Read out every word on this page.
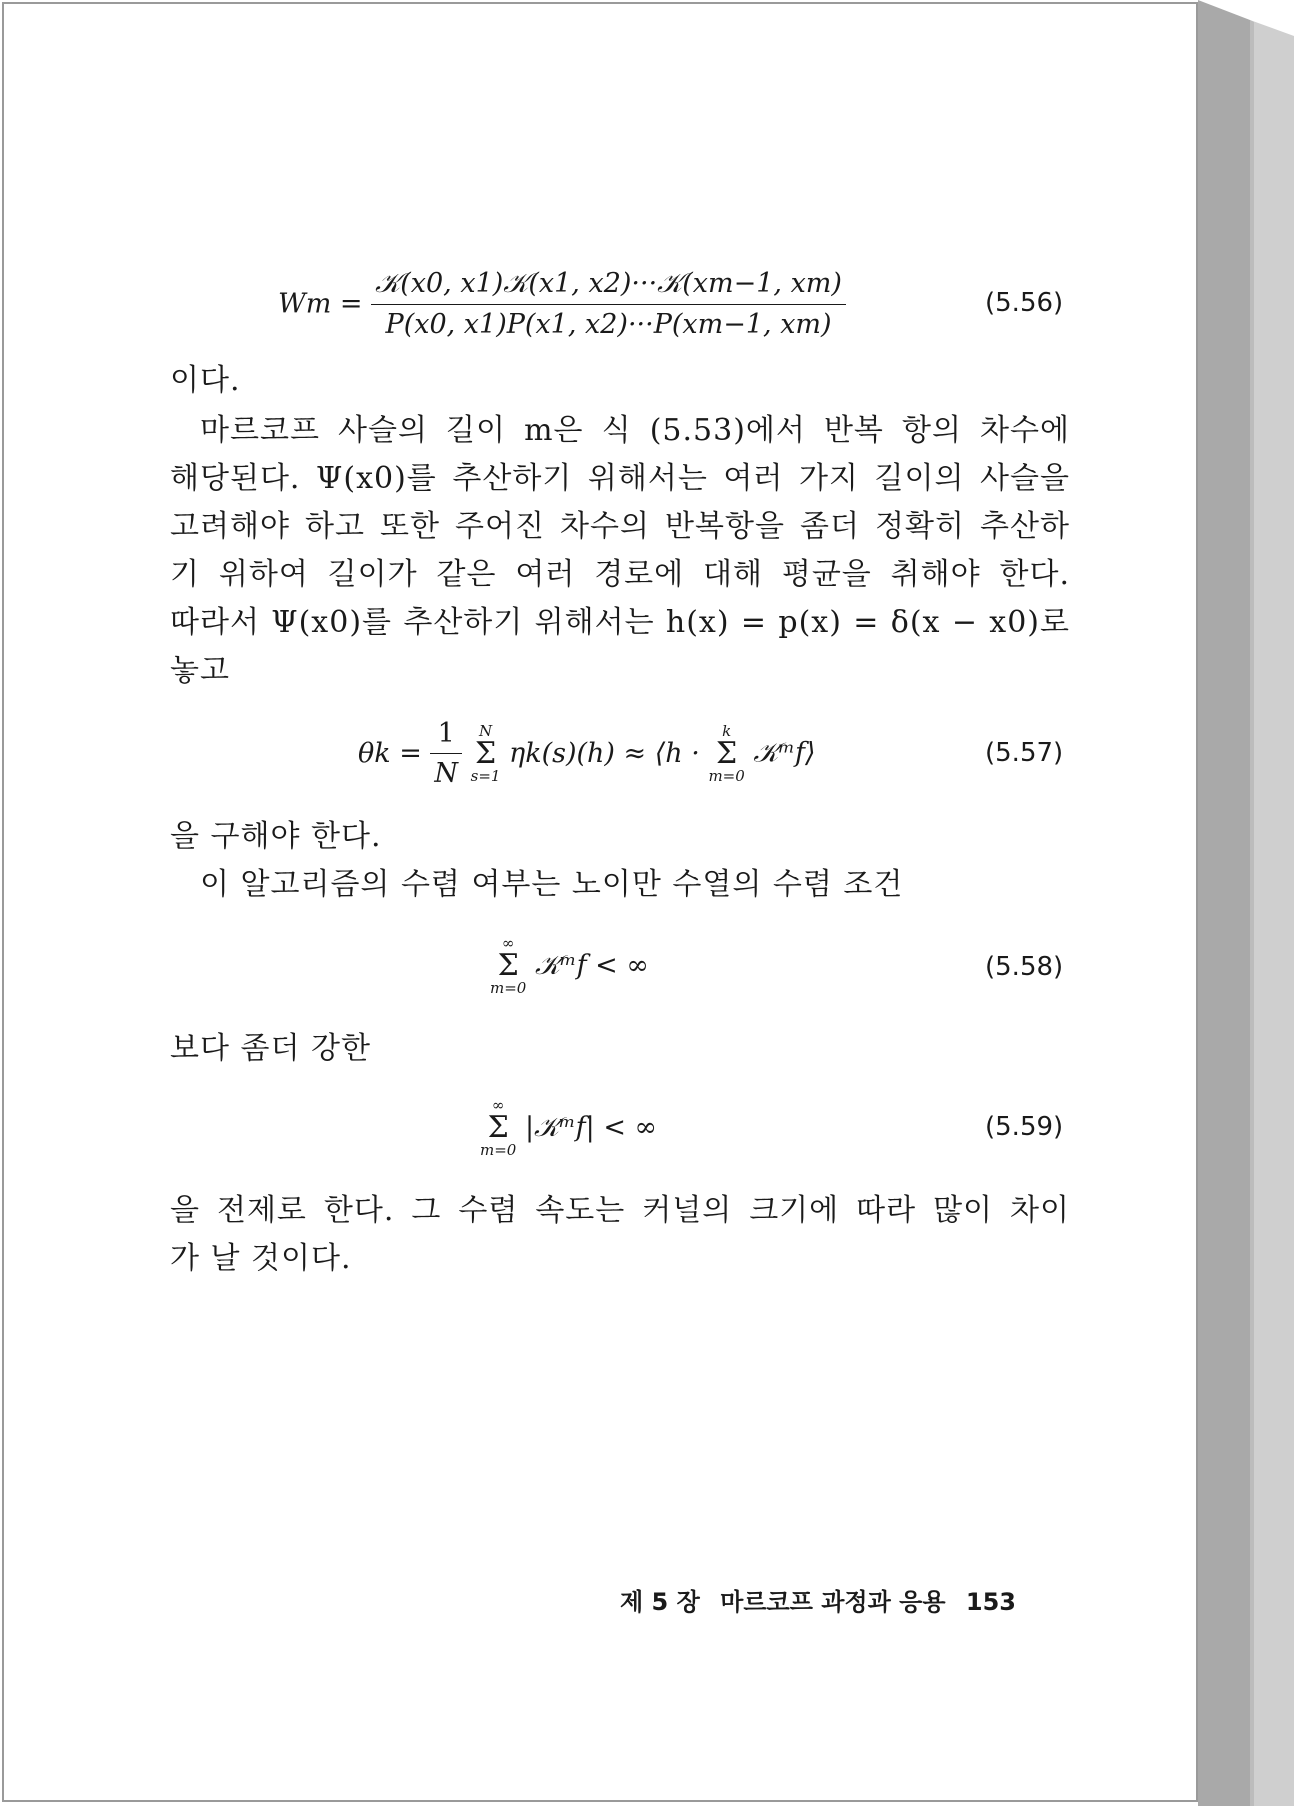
$Wm = \frac{\text{𝒦(x0, x1)𝒦(x1, x2)···𝒦(xm−1, xm)}}{P(x0, x1)P(x1, x2)\cdot\cdot\cdot P(xm-1, xm)}$	(5.56)
이다.
마르코프 사슬의 길이 m은 식 (5.53)에서 반복 항의 차수에
해당된다. Ψ(x0)를 추산하기 위해서는 여러 가지 길이의 사슬을
고려해야 하고 또한 주어진 차수의 반복항을 좀더 정확히 추산하
기 위하여 길이가 같은 여러 경로에 대해 평균을 취해야 한다.
따라서 Ψ(x0)를 추산하기 위해서는 h(x) = p(x) = δ(x − x0)로
놓고
$\theta k = \frac{1}{N}$
	N
Σ
s=1
ηk(s)(h) ≈ ⟨h ·
k
Σ
m=0
𝒦ᵐf⟩	(5.57)
을 구해야 한다.
이 알고리즘의 수렴 여부는 노이만 수열의 수렴 조건
∞
Σ
m=0
𝒦ᵐf < ∞	(5.58)
보다 좀더 강한
∞
Σ
m=0
|𝒦ᵐf| < ∞	(5.59)
을 전제로 한다. 그 수렴 속도는 커널의 크기에 따라 많이 차이
가 날 것이다.
제 5 장 마르코프 과정과 응용 153
